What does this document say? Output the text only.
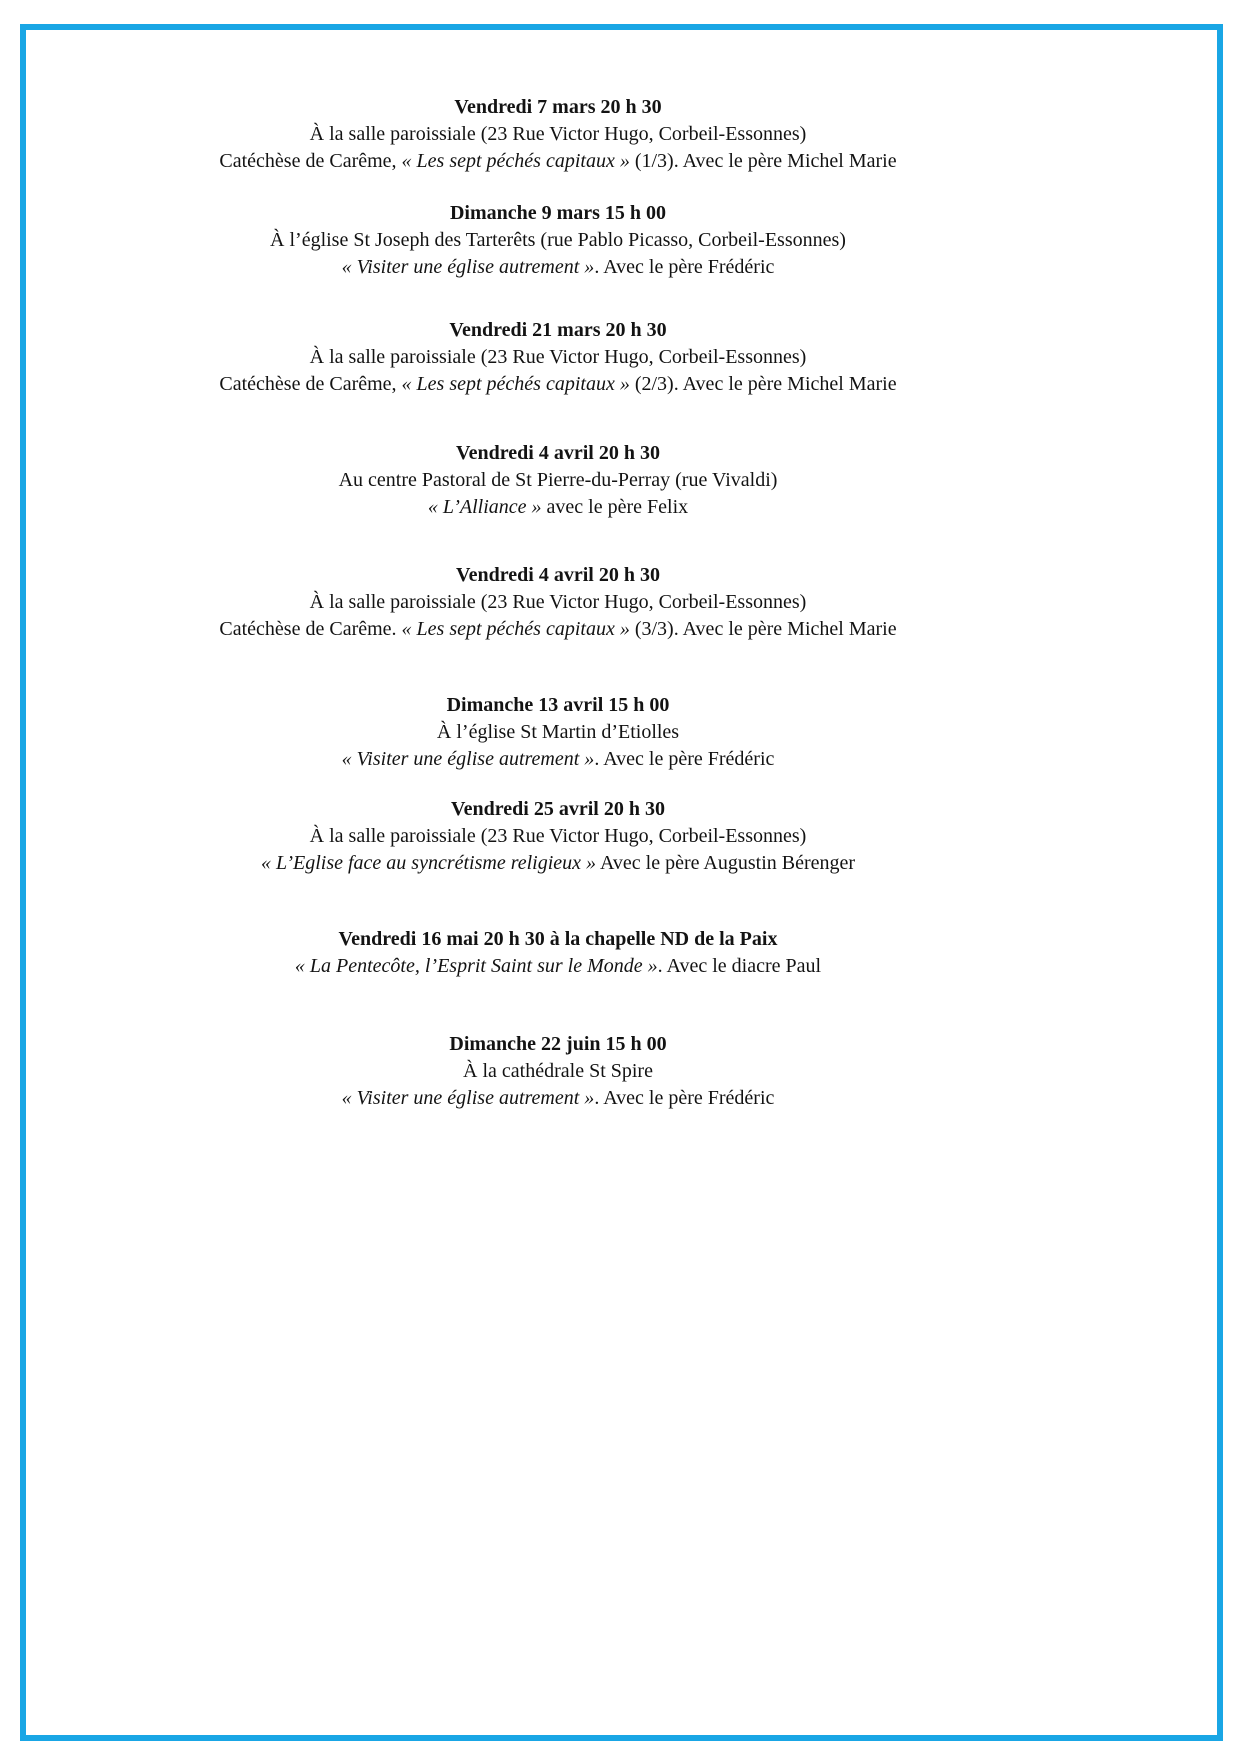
Vendredi 7 mars 20 h 30

À la salle paroissiale (23 Rue Victor Hugo, Corbeil-Essonnes)

Catéchèse de Carême, « Les sept péchés capitaux » (1/3). Avec le père Michel Marie

Dimanche 9 mars 15 h 00

À l’église St Joseph des Tarterêts (rue Pablo Picasso, Corbeil-Essonnes)

« Visiter une église autrement ». Avec le père Frédéric

Vendredi 21 mars 20 h 30

À la salle paroissiale (23 Rue Victor Hugo, Corbeil-Essonnes)

Catéchèse de Carême, « Les sept péchés capitaux » (2/3). Avec le père Michel Marie

Vendredi 4 avril 20 h 30

Au centre Pastoral de St Pierre-du-Perray (rue Vivaldi)

« L’Alliance » avec le père Felix

Vendredi 4 avril 20 h 30

À la salle paroissiale (23 Rue Victor Hugo, Corbeil-Essonnes)

Catéchèse de Carême. « Les sept péchés capitaux » (3/3). Avec le père Michel Marie

Dimanche 13 avril 15 h 00

À l’église St Martin d’Etiolles

« Visiter une église autrement ». Avec le père Frédéric

Vendredi 25 avril 20 h 30

À la salle paroissiale (23 Rue Victor Hugo, Corbeil-Essonnes)

« L’Eglise face au syncrétisme religieux » Avec le père Augustin Bérenger

Vendredi 16 mai 20 h 30 à la chapelle ND de la Paix

« La Pentecôte, l’Esprit Saint sur le Monde ». Avec le diacre Paul

Dimanche 22 juin 15 h 00

À la cathédrale St Spire

« Visiter une église autrement ». Avec le père Frédéric
